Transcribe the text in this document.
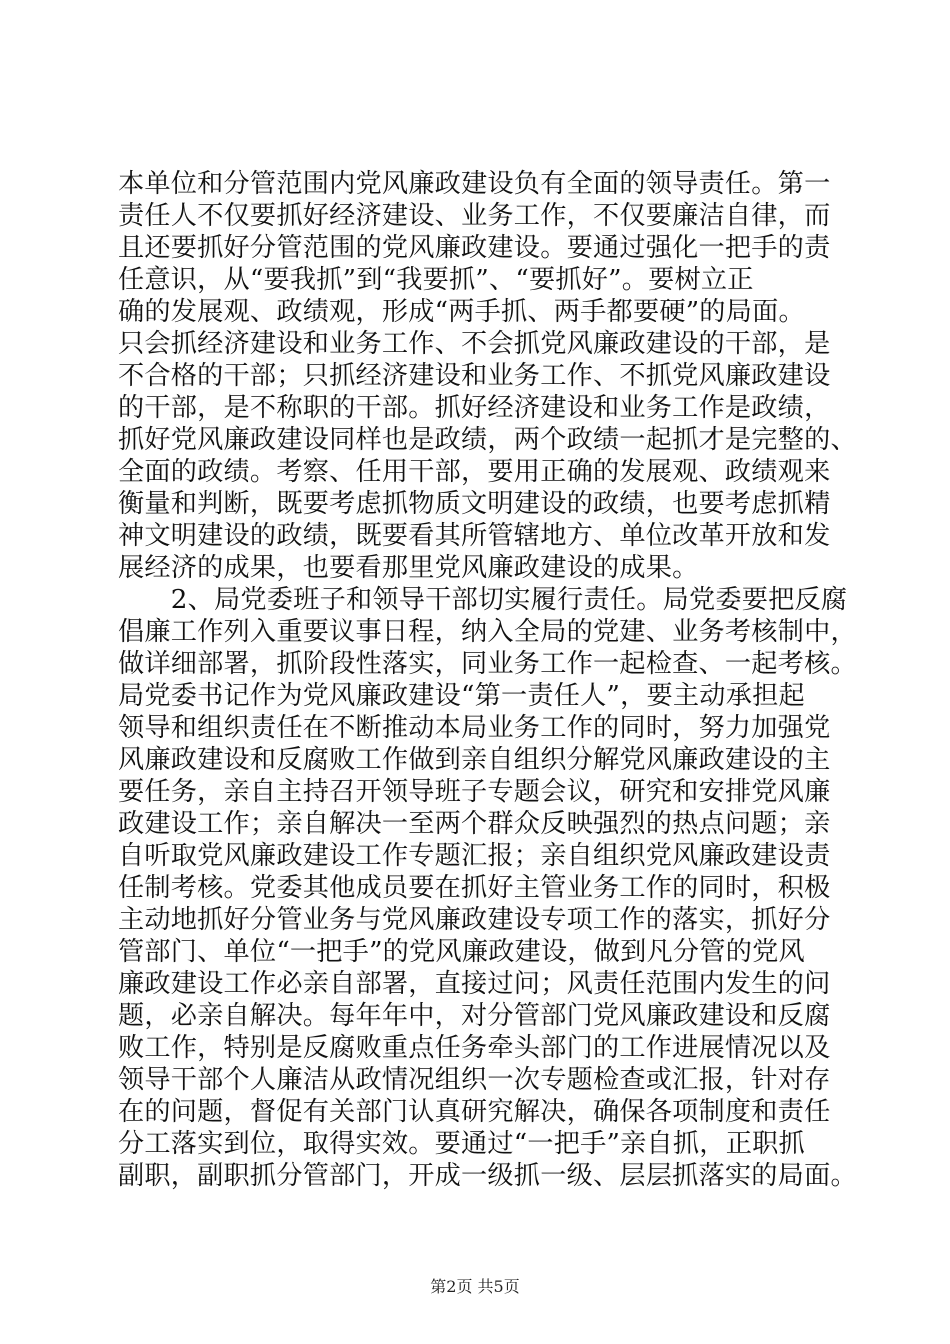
本单位和分管范围内党风廉政建设负有全面的领导责任。第一
责任人不仅要抓好经济建设、业务工作，不仅要廉洁自律，而
且还要抓好分管范围的党风廉政建设。要通过强化一把手的责
任意识，从“要我抓”到“我要抓”、“要抓好”。要树立正
确的发展观、政绩观，形成“两手抓、两手都要硬”的局面。
只会抓经济建设和业务工作、不会抓党风廉政建设的干部，是
不合格的干部；只抓经济建设和业务工作、不抓党风廉政建设
的干部，是不称职的干部。抓好经济建设和业务工作是政绩，
抓好党风廉政建设同样也是政绩，两个政绩一起抓才是完整的、
全面的政绩。考察、任用干部，要用正确的发展观、政绩观来
衡量和判断，既要考虑抓物质文明建设的政绩，也要考虑抓精
神文明建设的政绩，既要看其所管辖地方、单位改革开放和发
展经济的成果，也要看那里党风廉政建设的成果。
　　2、局党委班子和领导干部切实履行责任。局党委要把反腐
倡廉工作列入重要议事日程，纳入全局的党建、业务考核制中，
做详细部署，抓阶段性落实，同业务工作一起检查、一起考核。
局党委书记作为党风廉政建设“第一责任人”，要主动承担起
领导和组织责任在不断推动本局业务工作的同时，努力加强党
风廉政建设和反腐败工作做到亲自组织分解党风廉政建设的主
要任务，亲自主持召开领导班子专题会议，研究和安排党风廉
政建设工作；亲自解决一至两个群众反映强烈的热点问题；亲
自听取党风廉政建设工作专题汇报；亲自组织党风廉政建设责
任制考核。党委其他成员要在抓好主管业务工作的同时，积极
主动地抓好分管业务与党风廉政建设专项工作的落实，抓好分
管部门、单位“一把手”的党风廉政建设，做到凡分管的党风
廉政建设工作必亲自部署，直接过问；风责任范围内发生的问
题，必亲自解决。每年年中，对分管部门党风廉政建设和反腐
败工作，特别是反腐败重点任务牵头部门的工作进展情况以及
领导干部个人廉洁从政情况组织一次专题检查或汇报，针对存
在的问题，督促有关部门认真研究解决，确保各项制度和责任
分工落实到位，取得实效。要通过“一把手”亲自抓，正职抓
副职，副职抓分管部门，开成一级抓一级、层层抓落实的局面。
第2页 共5页
